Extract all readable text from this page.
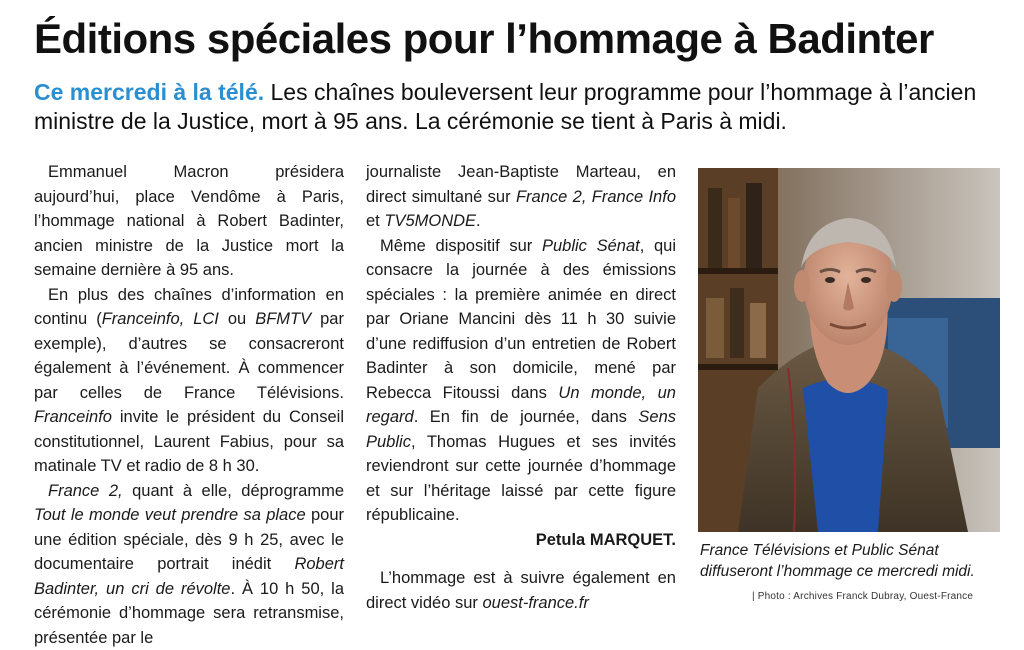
Éditions spéciales pour l’hommage à Badinter

Ce mercredi à la télé. Les chaînes bouleversent leur programme pour l’hommage à l’ancien ministre de la Justice, mort à 95 ans. La cérémonie se tient à Paris à midi.

Emmanuel Macron présidera aujourd’hui, place Vendôme à Paris, l’hommage national à Robert Badinter, ancien ministre de la Justice mort la semaine dernière à 95 ans.

En plus des chaînes d’information en continu (Franceinfo, LCI ou BFMTV par exemple), d’autres se consacreront également à l’événement. À commencer par celles de France Télévisions. Franceinfo invite le président du Conseil constitutionnel, Laurent Fabius, pour sa matinale TV et radio de 8 h 30.

France 2, quant à elle, déprogramme Tout le monde veut prendre sa place pour une édition spéciale, dès 9 h 25, avec le documentaire portrait inédit Robert Badinter, un cri de révolte. À 10 h 50, la cérémonie d’hommage sera retransmise, présentée par le

journaliste Jean-Baptiste Marteau, en direct simultané sur France 2, France Info et TV5MONDE.

Même dispositif sur Public Sénat, qui consacre la journée à des émissions spéciales : la première animée en direct par Oriane Mancini dès 11 h 30 suivie d’une rediffusion d’un entretien de Robert Badinter à son domicile, mené par Rebecca Fitoussi dans Un monde, un regard. En fin de journée, dans Sens Public, Thomas Hugues et ses invités reviendront sur cette journée d’hommage et sur l’héritage laissé par cette figure républicaine.

Petula MARQUET.

L’hommage est à suivre également en direct vidéo sur ouest-france.fr

France Télévisions et Public Sénat diffuseront l’hommage ce mercredi midi.
| Photo : Archives Franck Dubray, Ouest-France
